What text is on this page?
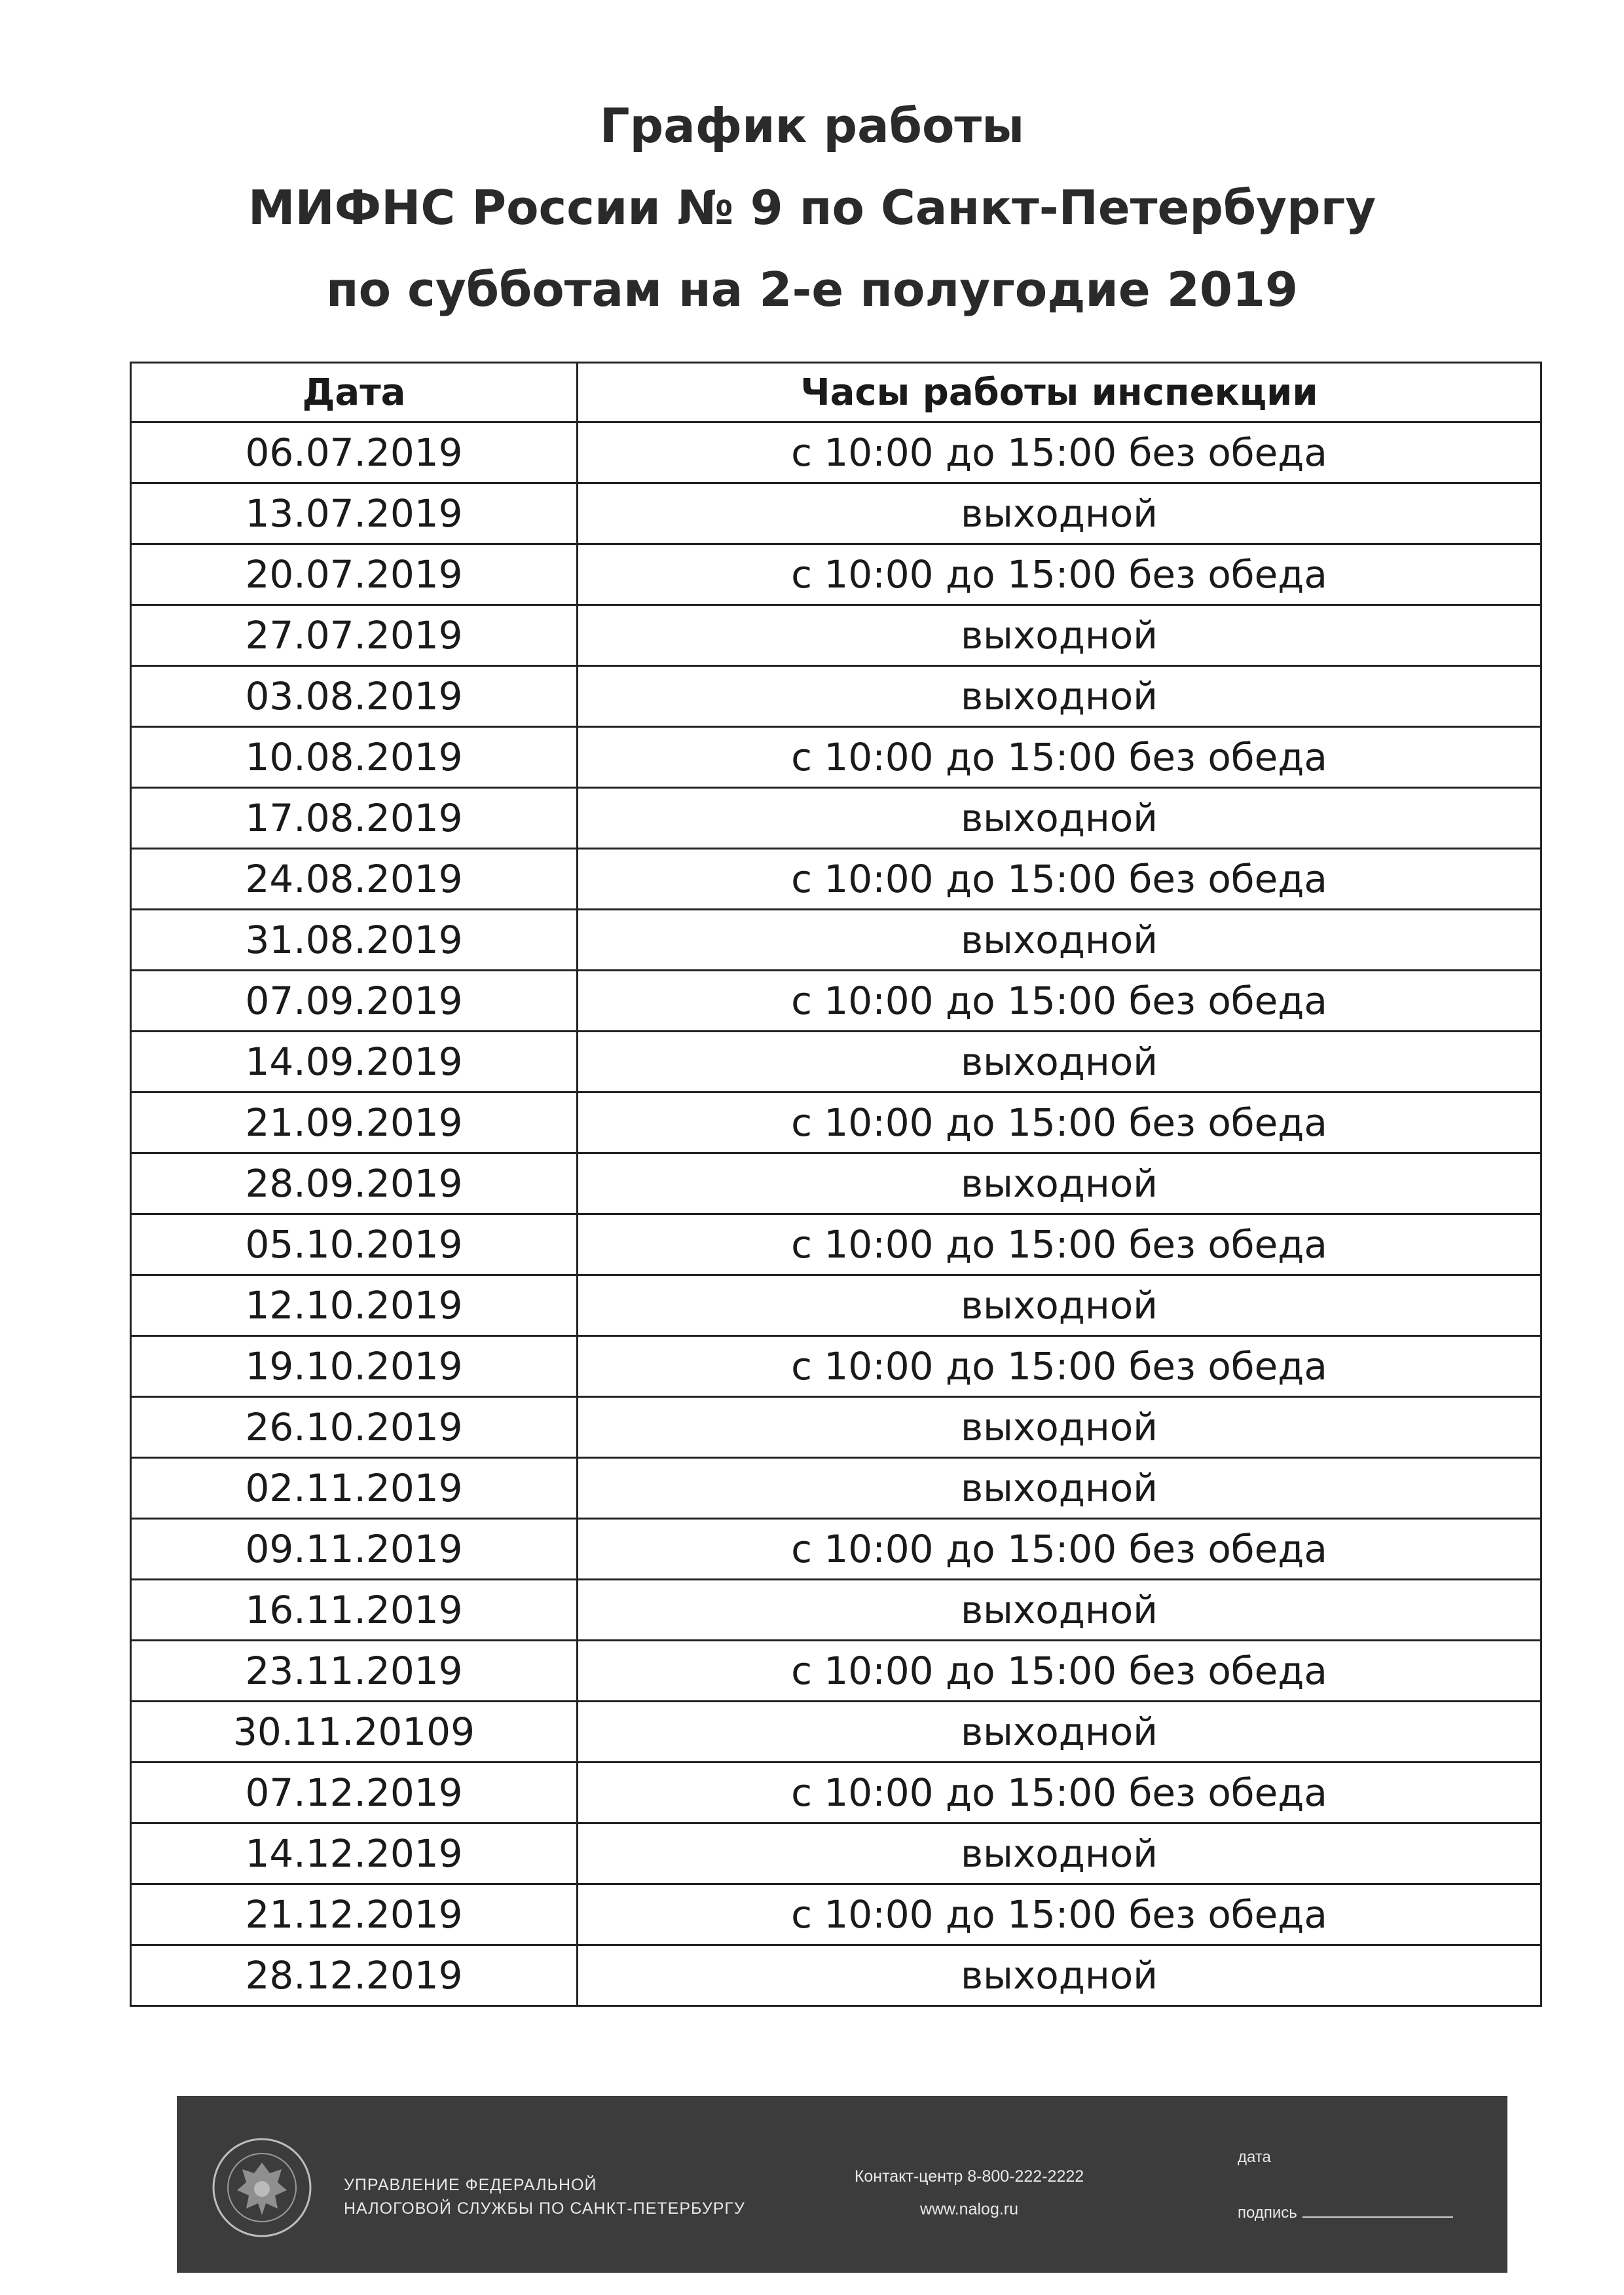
График работы
МИФНС России № 9 по Санкт-Петербургу
по субботам на 2-е полугодие 2019
Дата	Часы работы инспекции
06.07.2019	с 10:00 до 15:00 без обеда
13.07.2019	выходной
20.07.2019	с 10:00 до 15:00 без обеда
27.07.2019	выходной
03.08.2019	выходной
10.08.2019	с 10:00 до 15:00 без обеда
17.08.2019	выходной
24.08.2019	с 10:00 до 15:00 без обеда
31.08.2019	выходной
07.09.2019	с 10:00 до 15:00 без обеда
14.09.2019	выходной
21.09.2019	с 10:00 до 15:00 без обеда
28.09.2019	выходной
05.10.2019	с 10:00 до 15:00 без обеда
12.10.2019	выходной
19.10.2019	с 10:00 до 15:00 без обеда
26.10.2019	выходной
02.11.2019	выходной
09.11.2019	с 10:00 до 15:00 без обеда
16.11.2019	выходной
23.11.2019	с 10:00 до 15:00 без обеда
30.11.20109	выходной
07.12.2019	с 10:00 до 15:00 без обеда
14.12.2019	выходной
21.12.2019	с 10:00 до 15:00 без обеда
28.12.2019	выходной
УПРАВЛЕНИЕ ФЕДЕРАЛЬНОЙ
НАЛОГОВОЙ СЛУЖБЫ ПО САНКТ-ПЕТЕРБУРГУ
Контакт-центр 8-800-222-2222
www.nalog.ru
дата
подпись
